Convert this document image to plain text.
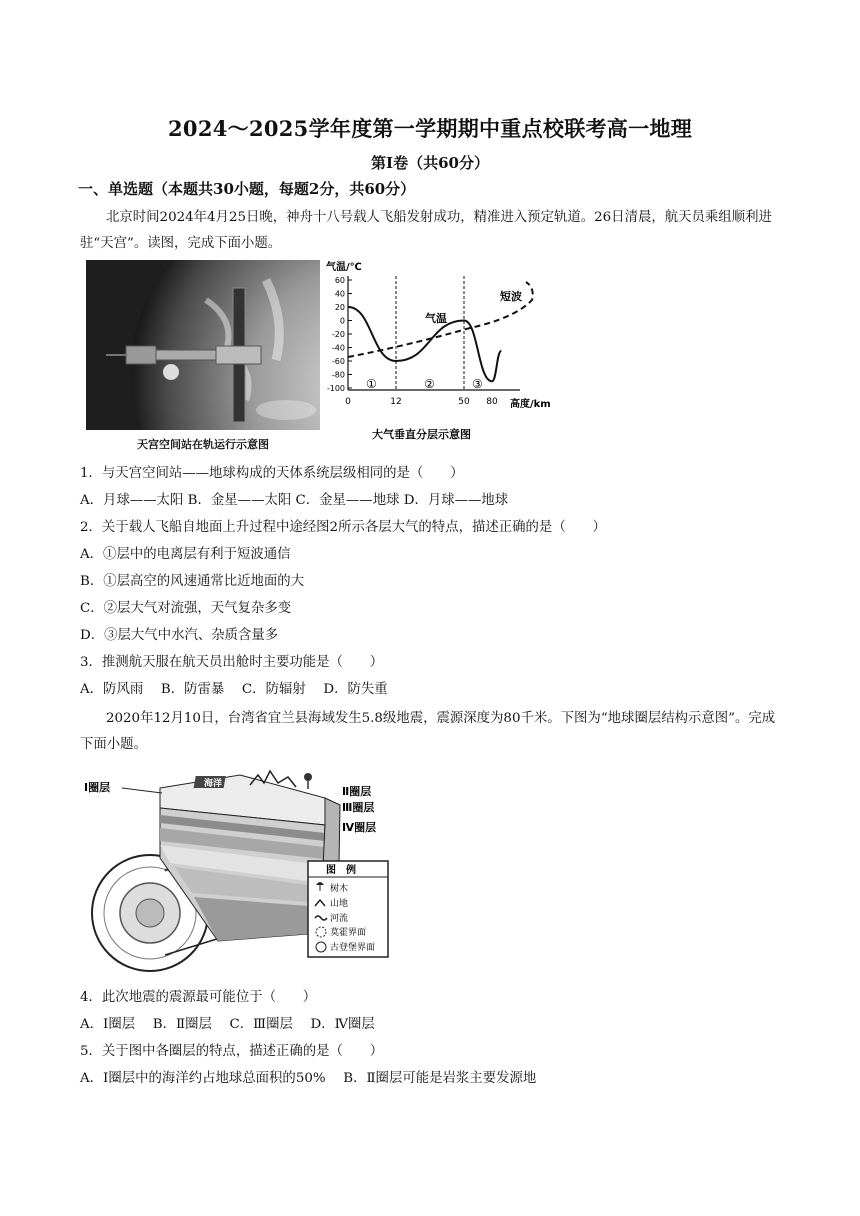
2024～2025学年度第一学期期中重点校联考高一地理
第Ⅰ卷（共60分）
一、单选题（本题共30小题，每题2分，共60分）
北京时间2024年4月25日晚，神舟十八号载人飞船发射成功，精准进入预定轨道。26日清晨，航天员乘组顺利进驻“天宫”。读图，完成下面小题。
天宫空间站在轨运行示意图
气温/℃
60
40
20
0
-20
-40
-60
-80
-100
0	12	50 80
短波
气温
①	②	③
高度/km
大气垂直分层示意图
1．与天宫空间站——地球构成的天体系统层级相同的是（　　）
A．月球——太阳 B．金星——太阳 C．金星——地球 D．月球——地球
2．关于载人飞船自地面上升过程中途经图2所示各层大气的特点，描述正确的是（　　）
A．①层中的电离层有利于短波通信
B．①层高空的风速通常比近地面的大
C．②层大气对流强，天气复杂多变
D．③层大气中水汽、杂质含量多
3．推测航天服在航天员出舱时主要功能是（　　）
A．防风雨　 B．防雷暴　 C．防辐射　 D．防失重
2020年12月10日，台湾省宜兰县海域发生5.8级地震，震源深度为80千米。下图为“地球圈层结构示意图”。完成下面小题。
海洋
Ⅰ圈层	Ⅱ圈层
Ⅲ圈层
Ⅳ圈层
图　例
树木
山地
河流
莫霍界面
古登堡界面
4．此次地震的震源最可能位于（　　）
A．Ⅰ圈层　 B．Ⅱ圈层　 C．Ⅲ圈层　 D．Ⅳ圈层
5．关于图中各圈层的特点，描述正确的是（　　）
A．Ⅰ圈层中的海洋约占地球总面积的50%　 B．Ⅱ圈层可能是岩浆主要发源地
